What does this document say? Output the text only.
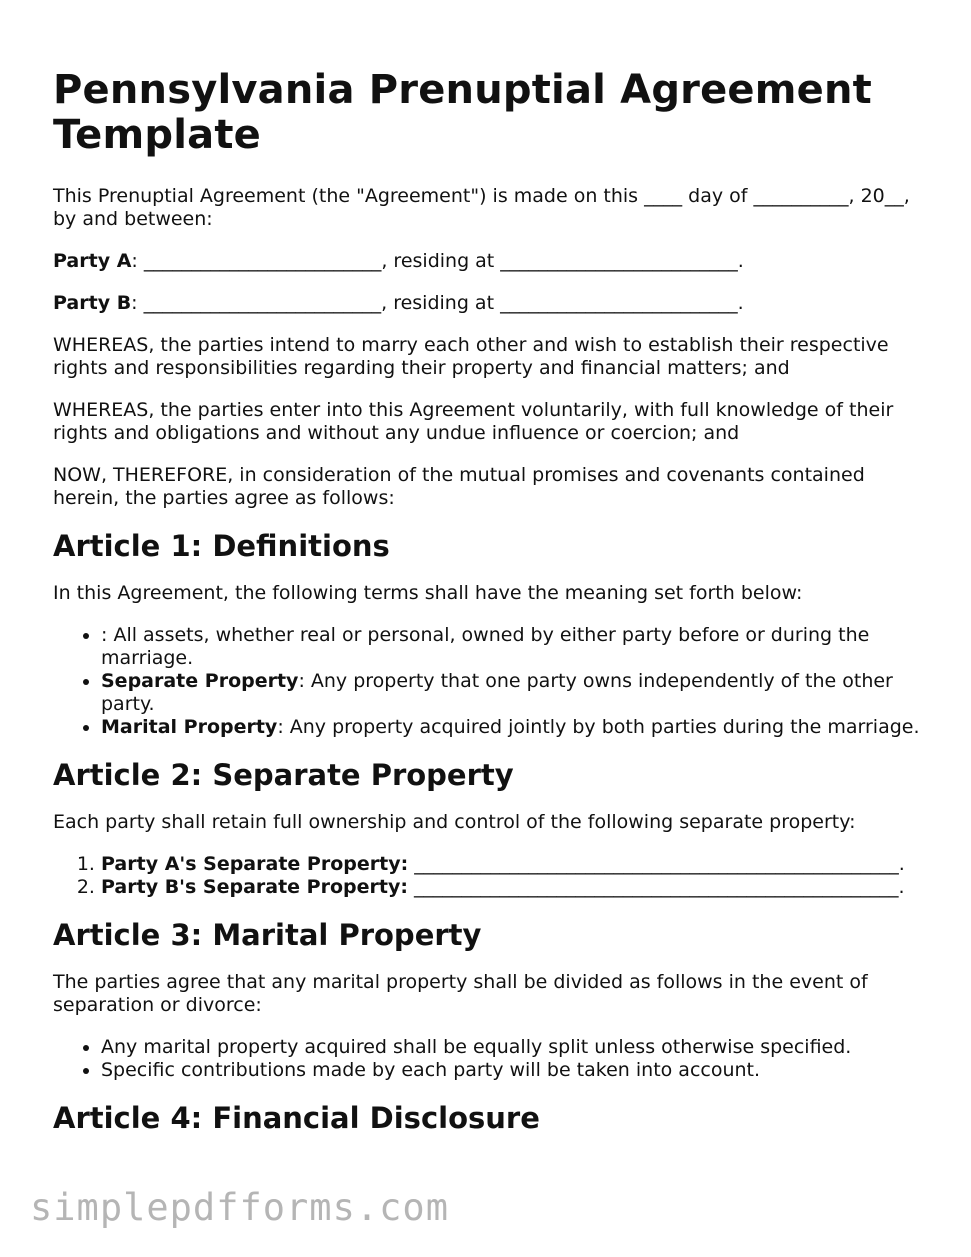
Pennsylvania Prenuptial Agreement Template

This Prenuptial Agreement (the "Agreement") is made on this ____ day of __________, 20__, by and between:

Party A: _________________________, residing at _________________________.

Party B: _________________________, residing at _________________________.

WHEREAS, the parties intend to marry each other and wish to establish their respective rights and responsibilities regarding their property and financial matters; and

WHEREAS, the parties enter into this Agreement voluntarily, with full knowledge of their rights and obligations and without any undue influence or coercion; and

NOW, THEREFORE, in consideration of the mutual promises and covenants contained herein, the parties agree as follows:

Article 1: Definitions

In this Agreement, the following terms shall have the meaning set forth below:

• : All assets, whether real or personal, owned by either party before or during the marriage.
• Separate Property: Any property that one party owns independently of the other party.
• Marital Property: Any property acquired jointly by both parties during the marriage.
Article 2: Separate Property

Each party shall retain full ownership and control of the following separate property:

1. Party A's Separate Property: ___________________________________________________.
2. Party B's Separate Property: ___________________________________________________.
Article 3: Marital Property

The parties agree that any marital property shall be divided as follows in the event of separation or divorce:

• Any marital property acquired shall be equally split unless otherwise specified.
• Specific contributions made by each party will be taken into account.
Article 4: Financial Disclosure
simplepdfforms.com
